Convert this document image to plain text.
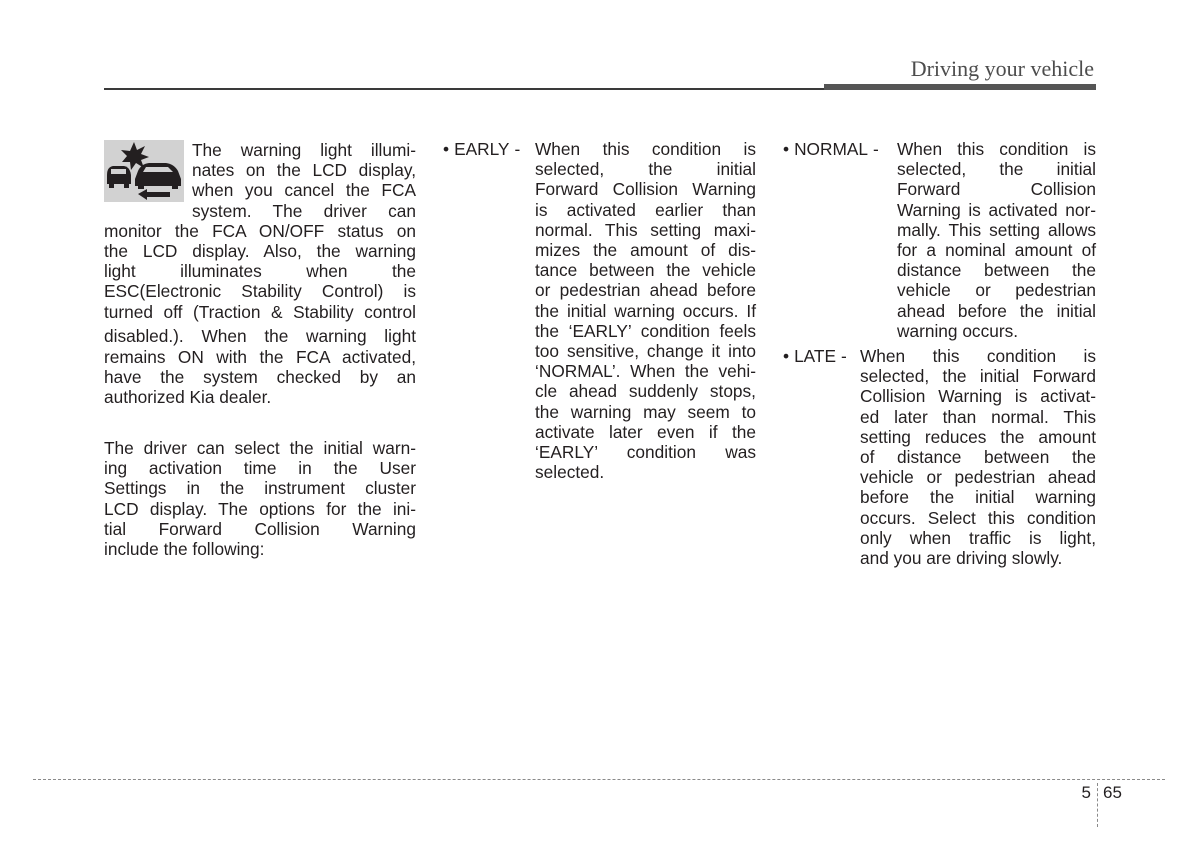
Driving your vehicle
The warning light illumi-
nates on the LCD display,
when you cancel the FCA
system. The driver can
monitor the FCA ON/OFF status on
the LCD display. Also, the warning
light illuminates when the
ESC(Electronic Stability Control) is
turned off (Traction & Stability control
disabled.). When the warning light
remains ON with the FCA activated,
have the system checked by an
authorized Kia dealer.
The driver can select the initial warn-
ing activation time in the User
Settings in the instrument cluster
LCD display. The options for the ini-
tial Forward Collision Warning
include the following:
• EARLY - When this condition is
selected, the initial
Forward Collision Warning
is activated earlier than
normal. This setting maxi-
mizes the amount of dis-
tance between the vehicle
or pedestrian ahead before
the initial warning occurs. If
the ‘EARLY’ condition feels
too sensitive, change it into
‘NORMAL’. When the vehi-
cle ahead suddenly stops,
the warning may seem to
activate later even if the
‘EARLY’ condition was
selected.
• NORMAL - When this condition is
selected, the initial
Forward Collision
Warning is activated nor-
mally. This setting allows
for a nominal amount of
distance between the
vehicle or pedestrian
ahead before the initial
warning occurs.
• LATE - When this condition is
selected, the initial Forward
Collision Warning is activat-
ed later than normal. This
setting reduces the amount
of distance between the
vehicle or pedestrian ahead
before the initial warning
occurs. Select this condition
only when traffic is light,
and you are driving slowly.
5 65
